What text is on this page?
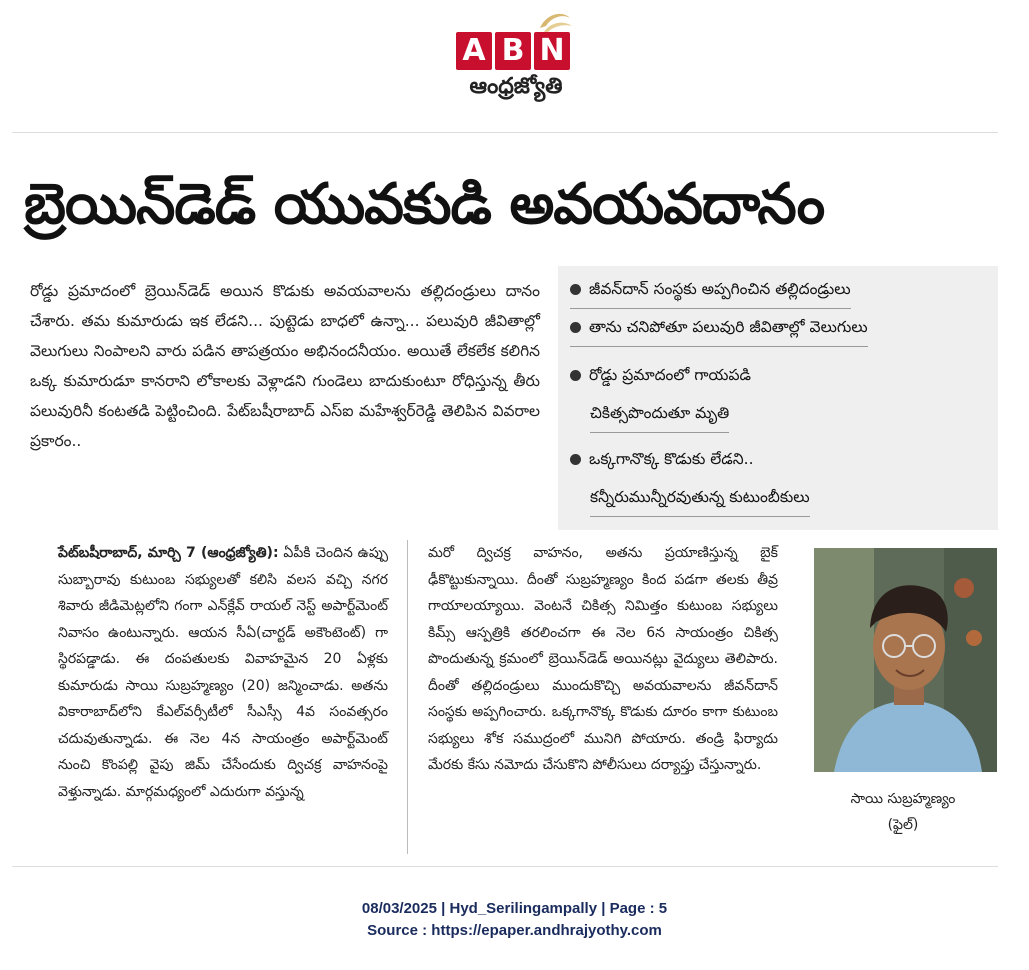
A B N
ఆంధ్రజ్యోతి
బ్రెయిన్‌డెడ్ యువకుడి అవయవదానం
రోడ్డు ప్రమాదంలో బ్రెయిన్‌డెడ్ అయిన కొడుకు అవయవాలను తల్లిదండ్రులు దానం చేశారు. తమ కుమారుడు ఇక లేడని... పుట్టెడు బాధలో ఉన్నా... పలువురి జీవితాల్లో వెలుగులు నింపాలని వారు పడిన తాపత్రయం అభినందనీయం. అయితే లేకలేక కలిగిన ఒక్క కుమారుడూ కానరాని లోకాలకు వెళ్లాడని గుండెలు బాదుకుంటూ రోధిస్తున్న తీరు పలువురినీ కంటతడి పెట్టించింది. పేట్‌బషీరాబాద్ ఎస్ఐ మహేశ్వర్‌రెడ్డి తెలిపిన వివరాల ప్రకారం..
జీవన్‌దాన్ సంస్థకు అప్పగించిన తల్లిదండ్రులు
తాను చనిపోతూ పలువురి జీవితాల్లో వెలుగులు
రోడ్డు ప్రమాదంలో గాయపడి
చికిత్సపొందుతూ మృతి
ఒక్కగానొక్క కొడుకు లేడని..
కన్నీరుమున్నీరవుతున్న కుటుంబీకులు
పేట్‌బషీరాబాద్, మార్చి 7 (ఆంధ్రజ్యోతి): ఏపీకి చెందిన ఉప్పు సుబ్బారావు కుటుంబ సభ్యులతో కలిసి వలస వచ్చి నగర శివారు జీడిమెట్లలోని గంగా ఎన్‌క్లేవ్ రాయల్ నెస్ట్ అపార్ట్‌మెంట్ నివాసం ఉంటున్నారు. ఆయన సీఏ(చార్టడ్ అకౌంటెంట్) గా స్థిరపడ్డాడు. ఈ దంపతులకు వివాహమైన 20 ఏళ్లకు కుమారుడు సాయి సుబ్రహ్మణ్యం (20) జన్మించాడు. అతను వికారాబాద్‌లోని కేఎల్‌వర్సీటీలో సీఎస్సీ 4వ సంవత్సరం చదువుతున్నాడు. ఈ నెల 4న సాయంత్రం అపార్ట్‌మెంట్ నుంచి కొంపల్లి వైపు జిమ్ చేసేందుకు ద్విచక్ర వాహనంపై వెళ్తున్నాడు. మార్గమధ్యంలో ఎదురుగా వస్తున్న
మరో ద్విచక్ర వాహనం, అతను ప్రయాణిస్తున్న బైక్ ఢీకొట్టుకున్నాయి. దీంతో సుబ్రహ్మణ్యం కింద పడగా తలకు తీవ్ర గాయాలయ్యాయి. వెంటనే చికిత్స నిమిత్తం కుటుంబ సభ్యులు కిమ్స్ ఆస్పత్రికి తరలించగా ఈ నెల 6న సాయంత్రం చికిత్స పొందుతున్న క్రమంలో బ్రెయిన్‌డెడ్ అయినట్లు వైద్యులు తెలిపారు. దీంతో తల్లిదండ్రులు ముందుకొచ్చి అవయవాలను జీవన్‌దాన్ సంస్థకు అప్పగించారు. ఒక్కగానొక్క కొడుకు దూరం కాగా కుటుంబ సభ్యులు శోక సముద్రంలో మునిగి పోయారు. తండ్రి ఫిర్యాదు మేరకు కేసు నమోదు చేసుకొని పోలీసులు దర్యాప్తు చేస్తున్నారు.
సాయి సుబ్రహ్మణ్యం
(ఫైల్)
08/03/2025 | Hyd_Serilingampally | Page : 5
Source : https://epaper.andhrajyothy.com
